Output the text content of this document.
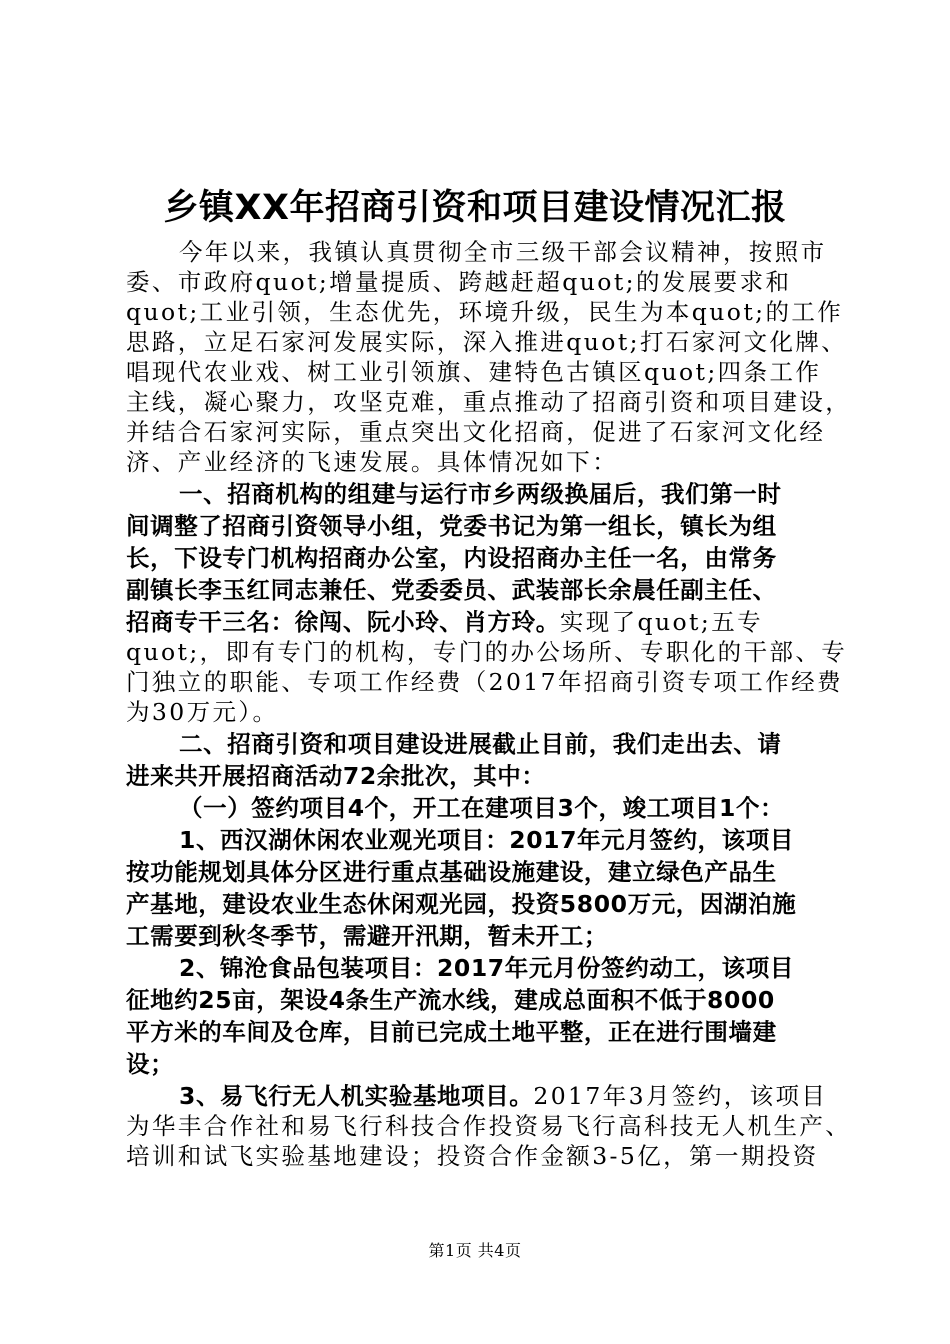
乡镇XX年招商引资和项目建设情况汇报
今年以来，我镇认真贯彻全市三级干部会议精神，按照市
委、市政府quot;增量提质、跨越赶超quot;的发展要求和
quot;工业引领，生态优先，环境升级，民生为本quot;的工作
思路，立足石家河发展实际，深入推进quot;打石家河文化牌、
唱现代农业戏、树工业引领旗、建特色古镇区quot;四条工作
主线，凝心聚力，攻坚克难，重点推动了招商引资和项目建设，
并结合石家河实际，重点突出文化招商，促进了石家河文化经
济、产业经济的飞速发展。具体情况如下：
一、招商机构的组建与运行市乡两级换届后，我们第一时
间调整了招商引资领导小组，党委书记为第一组长，镇长为组
长，下设专门机构招商办公室，内设招商办主任一名，由常务
副镇长李玉红同志兼任、党委委员、武装部长余晨任副主任、
招商专干三名：徐闯、阮小玲、肖方玲。实现了quot;五专
quot;，即有专门的机构，专门的办公场所、专职化的干部、专
门独立的职能、专项工作经费（2017年招商引资专项工作经费
为30万元）。
二、招商引资和项目建设进展截止目前，我们走出去、请
进来共开展招商活动72余批次，其中：
（一）签约项目4个，开工在建项目3个，竣工项目1个：
1、西汉湖休闲农业观光项目：2017年元月签约，该项目
按功能规划具体分区进行重点基础设施建设，建立绿色产品生
产基地，建设农业生态休闲观光园，投资5800万元，因湖泊施
工需要到秋冬季节，需避开汛期，暂未开工；
2、锦沧食品包装项目：2017年元月份签约动工，该项目
征地约25亩，架设4条生产流水线，建成总面积不低于8000
平方米的车间及仓库，目前已完成土地平整，正在进行围墙建
设；
3、易飞行无人机实验基地项目。2017年3月签约，该项目
为华丰合作社和易飞行科技合作投资易飞行高科技无人机生产、
培训和试飞实验基地建设；投资合作金额3-5亿，第一期投资
第1页 共4页
